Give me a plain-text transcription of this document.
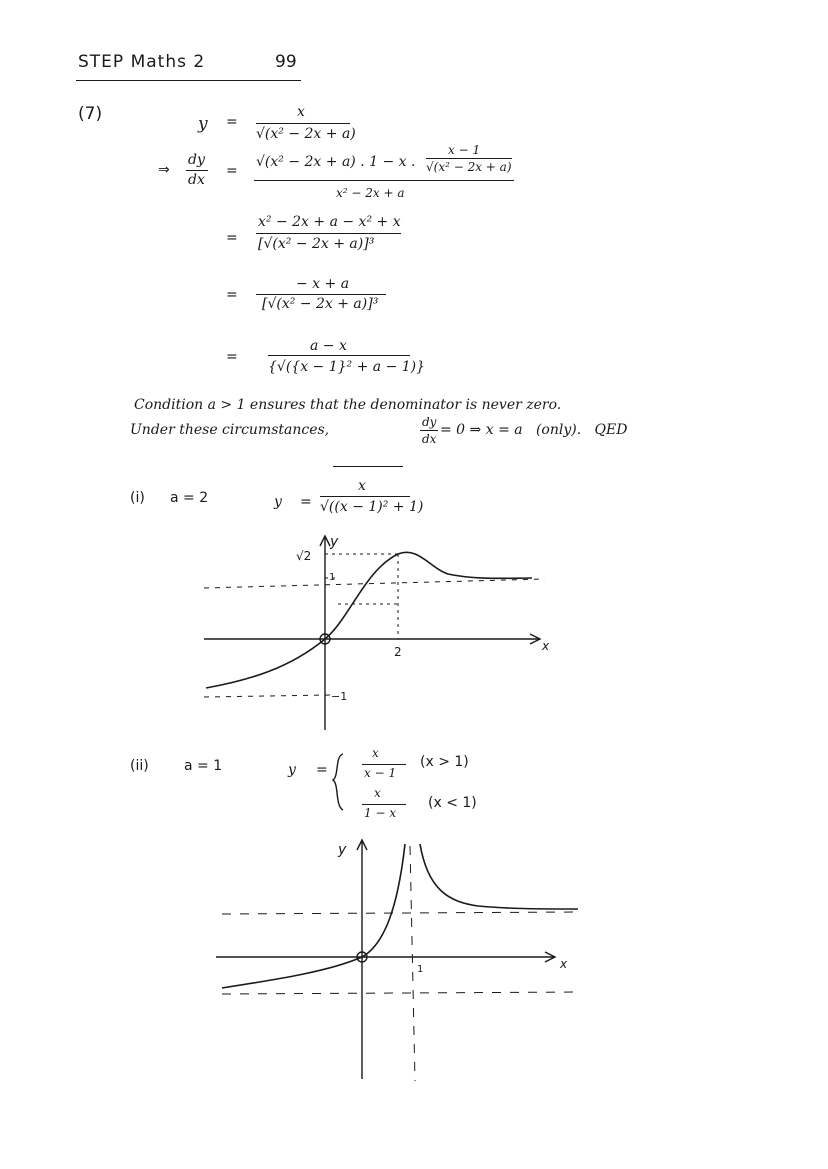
STEP Maths 2	99
(7)	y =
x
√(x² − 2x + a)
⇒
dy
dx
=
√(x² − 2x + a) . 1 − x .
x − 1
√(x² − 2x + a)
x² − 2x + a
=
x² − 2x + a − x² + x
[√(x² − 2x + a)]³
=
− x + a
[√(x² − 2x + a)]³
=
a − x
{√({x − 1}² + a − 1)}
Condition a > 1 ensures that the denominator is never zero.
Under these circumstances,	dy
dx
= 0 ⇒ x = a   (only).   QED
(i) a = 2	y =
x
√((x − 1)² + 1)
y
x
√2
1
2
−1
(ii)	a = 1	y =
x
x − 1
(x > 1)
x
1 − x
(x < 1)
y
x
1
